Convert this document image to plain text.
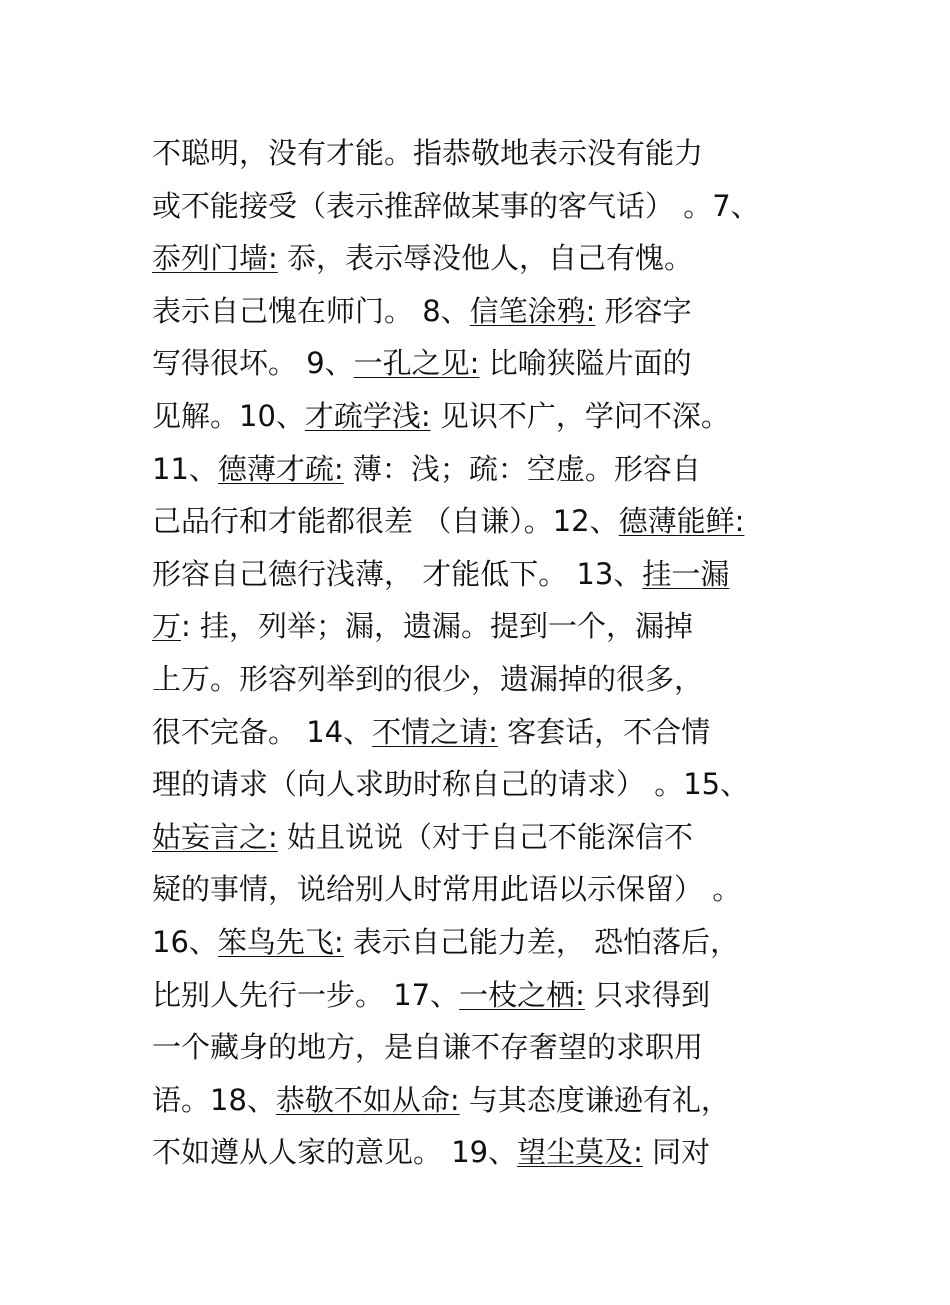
不聪明，没有才能。指恭敬地表示没有能力
或不能接受（表示推辞做某事的客气话） 。7、
忝列门墙: 忝，表示辱没他人，自己有愧。
表示自己愧在师门。 8、信笔涂鸦: 形容字
写得很坏。 9、一孔之见: 比喻狭隘片面的
见解。10、才疏学浅: 见识不广，学问不深。
11、德薄才疏: 薄：浅；疏：空虚。形容自
己品行和才能都很差 （自谦）。12、德薄能鲜:
形容自己德行浅薄， 才能低下。 13、挂一漏
万: 挂，列举；漏，遗漏。提到一个，漏掉
上万。形容列举到的很少，遗漏掉的很多，
很不完备。 14、不情之请: 客套话，不合情
理的请求（向人求助时称自己的请求） 。15、
姑妄言之: 姑且说说（对于自己不能深信不
疑的事情，说给别人时常用此语以示保留） 。
16、笨鸟先飞: 表示自己能力差， 恐怕落后，
比别人先行一步。 17、一枝之栖: 只求得到
一个藏身的地方，是自谦不存奢望的求职用
语。18、恭敬不如从命: 与其态度谦逊有礼，
不如遵从人家的意见。 19、望尘莫及: 同对
